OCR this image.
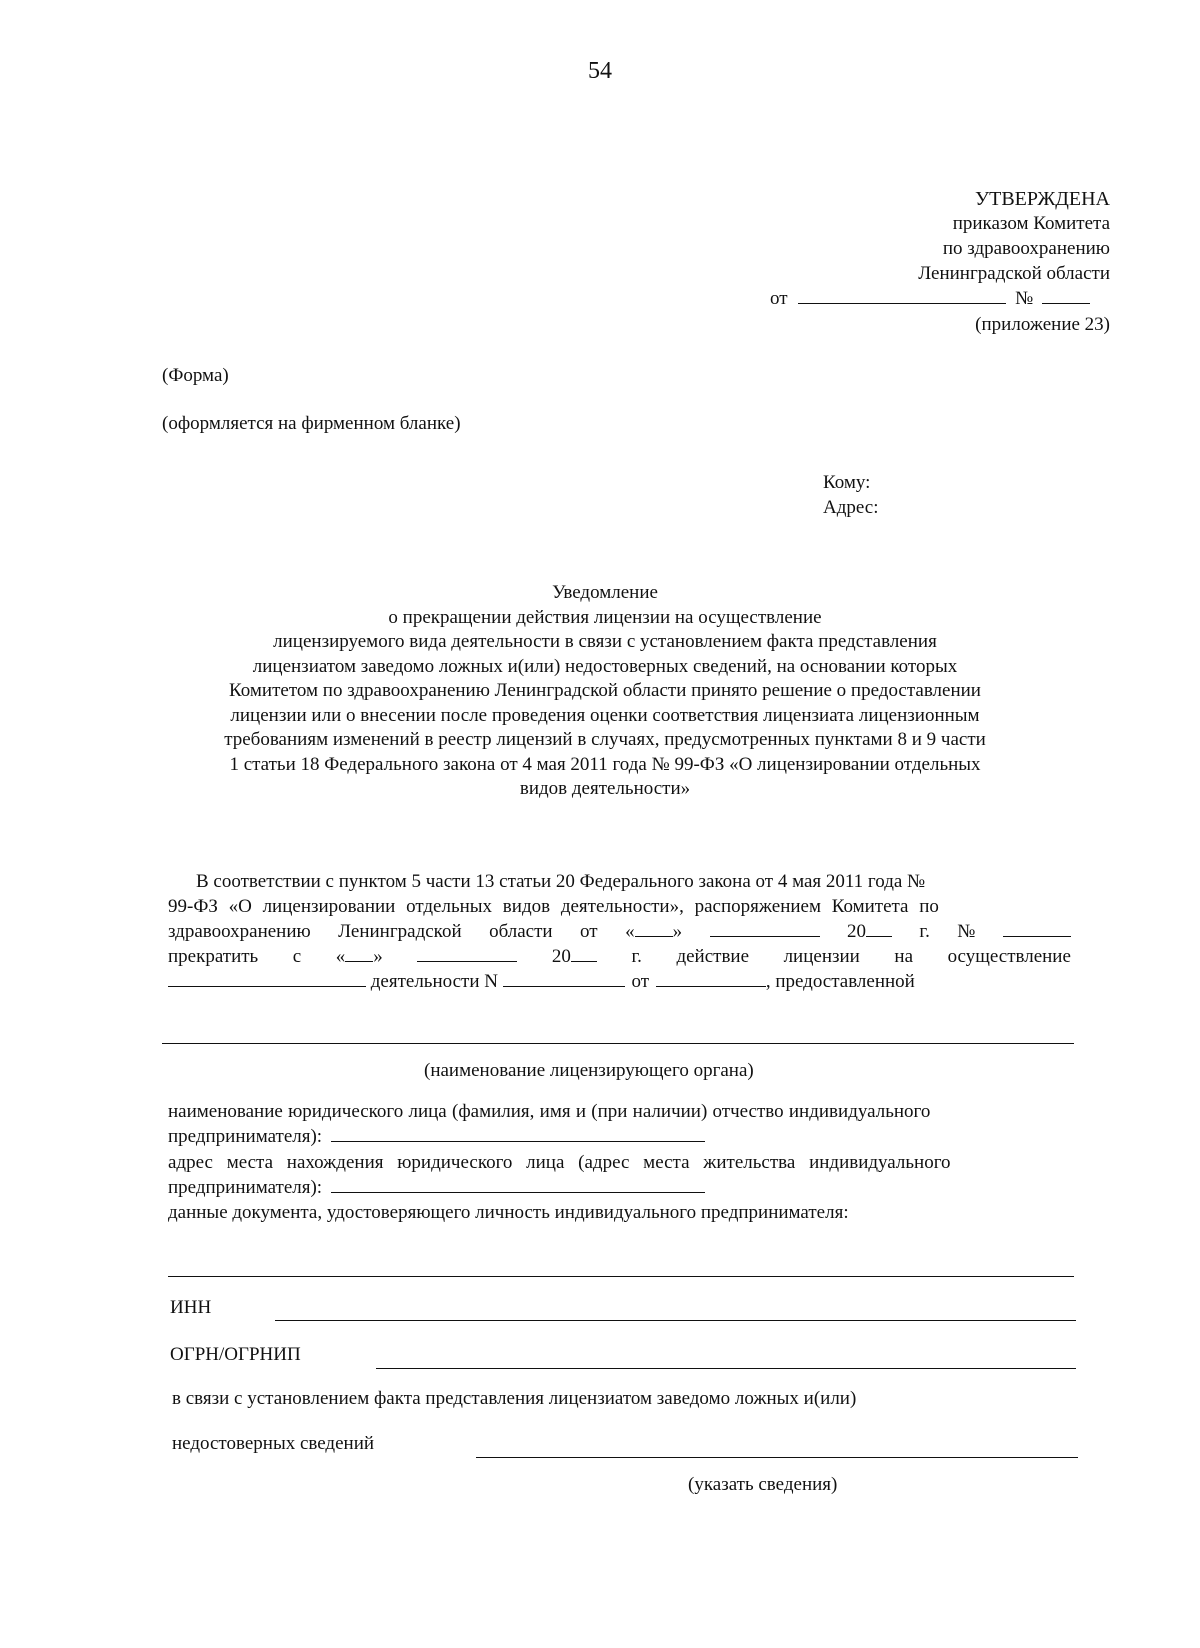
54
УТВЕРЖДЕНА
приказом Комитета
по здравоохранению
Ленинградской области
от	№
(приложение 23)
(Форма)
(оформляется на фирменном бланке)
Кому:
Адрес:
Уведомление
о прекращении действия лицензии на осуществление
лицензируемого вида деятельности в связи с установлением факта представления
лицензиатом заведомо ложных и(или) недостоверных сведений, на основании которых
Комитетом по здравоохранению Ленинградской области принято решение о предоставлении
лицензии или о внесении после проведения оценки соответствия лицензиата лицензионным
требованиям изменений в реестр лицензий в случаях, предусмотренных пунктами 8 и 9 части
1 статьи 18 Федерального закона от 4 мая 2011 года № 99-ФЗ «О лицензировании отдельных
видов деятельности»
В соответствии с пунктом 5 части 13 статьи 20 Федерального закона от 4 мая 2011 года №
99-ФЗ «О лицензировании отдельных видов деятельности», распоряжением Комитета по
здравоохранению Ленинградской области от « »	20	г. №
прекратить с « »	20	г. действие лицензии на осуществление
деятельности N	от	, предоставленной
(наименование лицензирующего органа)
наименование юридического лица (фамилия, имя и (при наличии) отчество индивидуального
предпринимателя):
адрес места нахождения юридического лица (адрес места жительства индивидуального
предпринимателя):
данные документа, удостоверяющего личность индивидуального предпринимателя:
ИНН
ОГРН/ОГРНИП
в связи с установлением факта представления лицензиатом заведомо ложных и(или)
недостоверных сведений
(указать сведения)
